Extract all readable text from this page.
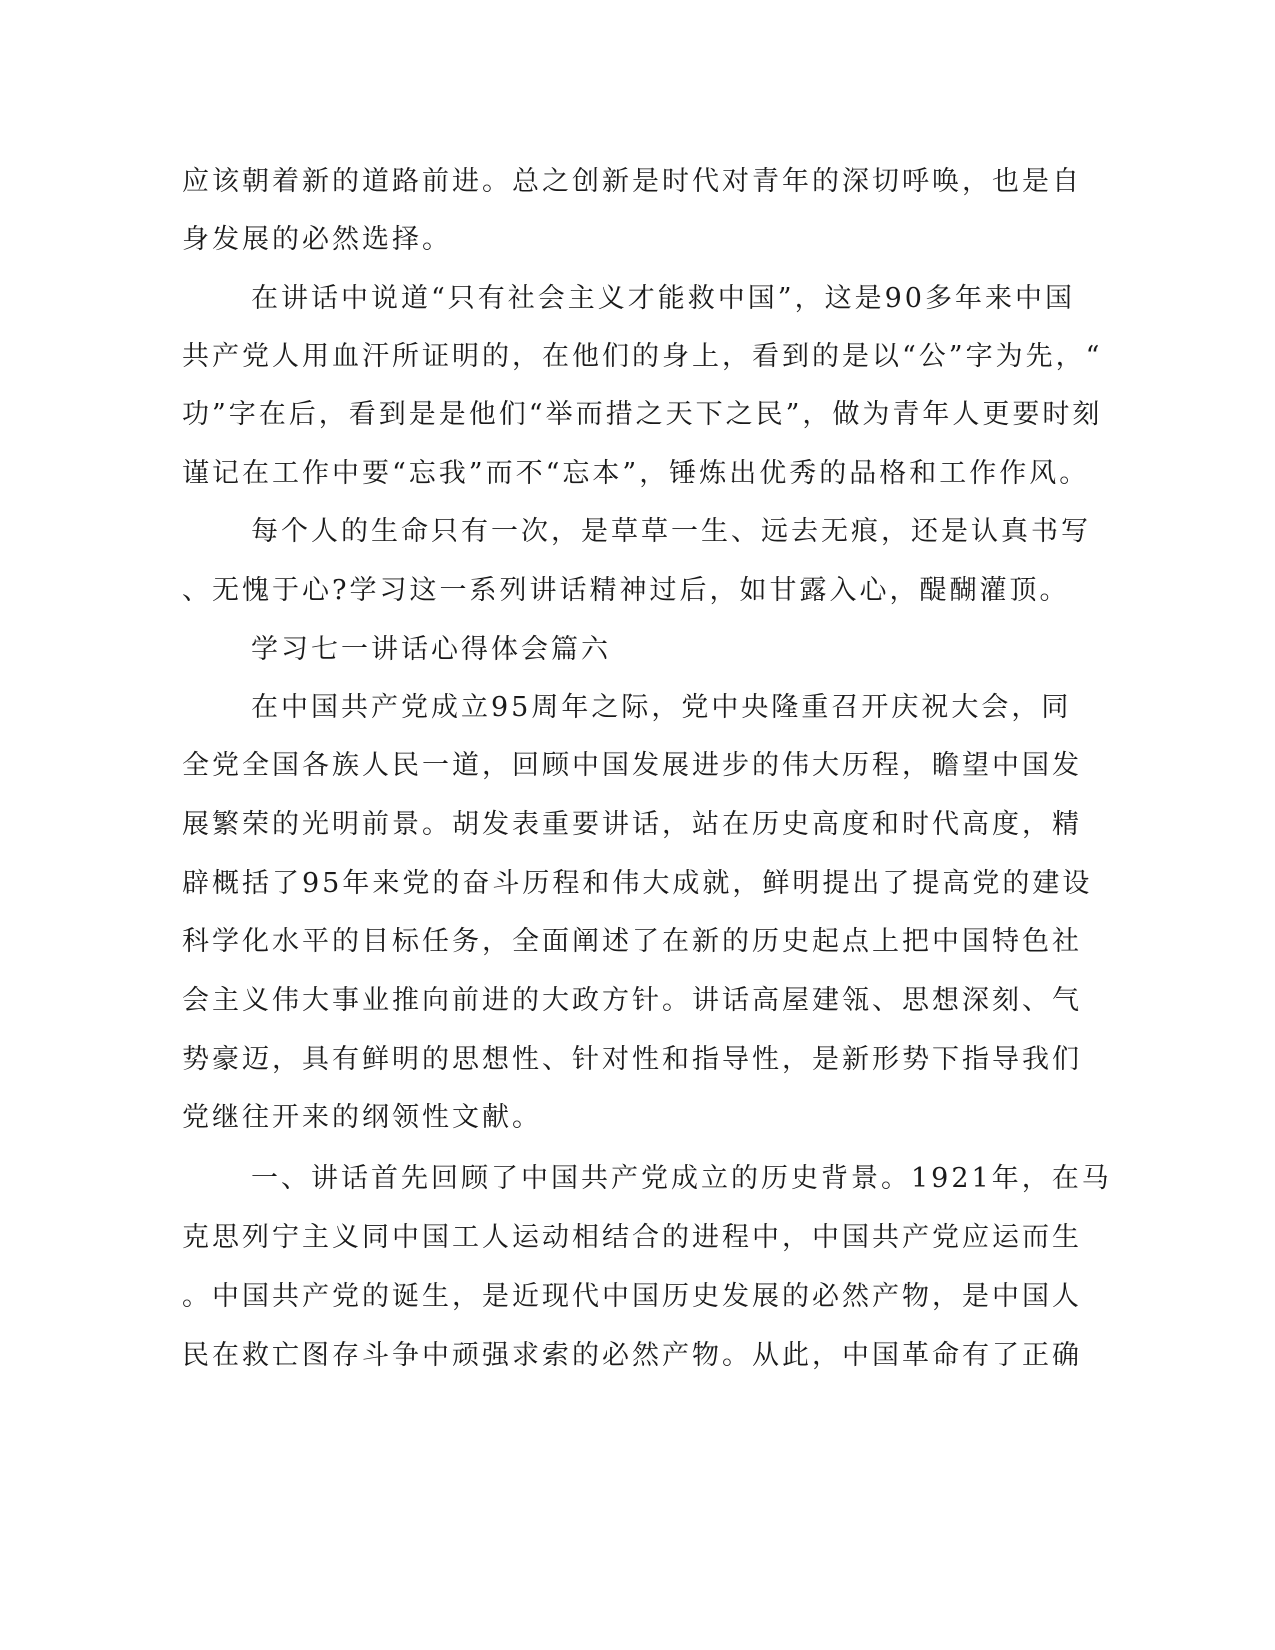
应该朝着新的道路前进。总之创新是时代对青年的深切呼唤，也是自
身发展的必然选择。
在讲话中说道“只有社会主义才能救中国”，这是90多年来中国
共产党人用血汗所证明的，在他们的身上，看到的是以“公”字为先，“
功”字在后，看到是是他们“举而措之天下之民”，做为青年人更要时刻
谨记在工作中要“忘我”而不“忘本”，锤炼出优秀的品格和工作作风。
每个人的生命只有一次，是草草一生、远去无痕，还是认真书写
、无愧于心?学习这一系列讲话精神过后，如甘露入心，醍醐灌顶。
学习七一讲话心得体会篇六
在中国共产党成立95周年之际，党中央隆重召开庆祝大会，同
全党全国各族人民一道，回顾中国发展进步的伟大历程，瞻望中国发
展繁荣的光明前景。胡发表重要讲话，站在历史高度和时代高度，精
辟概括了95年来党的奋斗历程和伟大成就，鲜明提出了提高党的建设
科学化水平的目标任务，全面阐述了在新的历史起点上把中国特色社
会主义伟大事业推向前进的大政方针。讲话高屋建瓴、思想深刻、气
势豪迈，具有鲜明的思想性、针对性和指导性，是新形势下指导我们
党继往开来的纲领性文献。
一、讲话首先回顾了中国共产党成立的历史背景。1921年，在马
克思列宁主义同中国工人运动相结合的进程中，中国共产党应运而生
。中国共产党的诞生，是近现代中国历史发展的必然产物，是中国人
民在救亡图存斗争中顽强求索的必然产物。从此，中国革命有了正确
